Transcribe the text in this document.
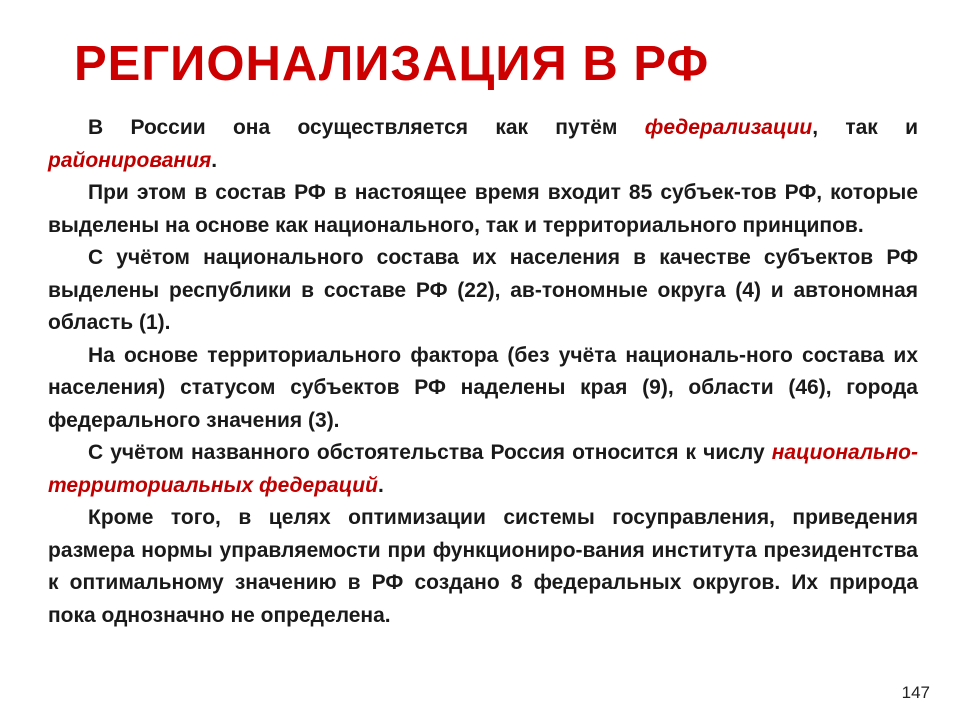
РЕГИОНАЛИЗАЦИЯ В РФ

В России она осуществляется как путём федерализации, так и районирования.

При этом в состав РФ в настоящее время входит 85 субъек-тов РФ, которые выделены на основе как национального, так и территориального принципов.

С учётом национального состава их населения в качестве субъектов РФ выделены республики в составе РФ (22), ав-тономные округа (4) и автономная область (1).

На основе территориального фактора (без учёта националь-ного состава их населения) статусом субъектов РФ наделены края (9), области (46), города федерального значения (3).

С учётом названного обстоятельства Россия относится к числу национально-территориальных федераций.

Кроме того, в целях оптимизации системы госуправления, приведения размера нормы управляемости при функциониро-вания института президентства к оптимальному значению в РФ создано 8 федеральных округов. Их природа пока однозначно не определена.

147
